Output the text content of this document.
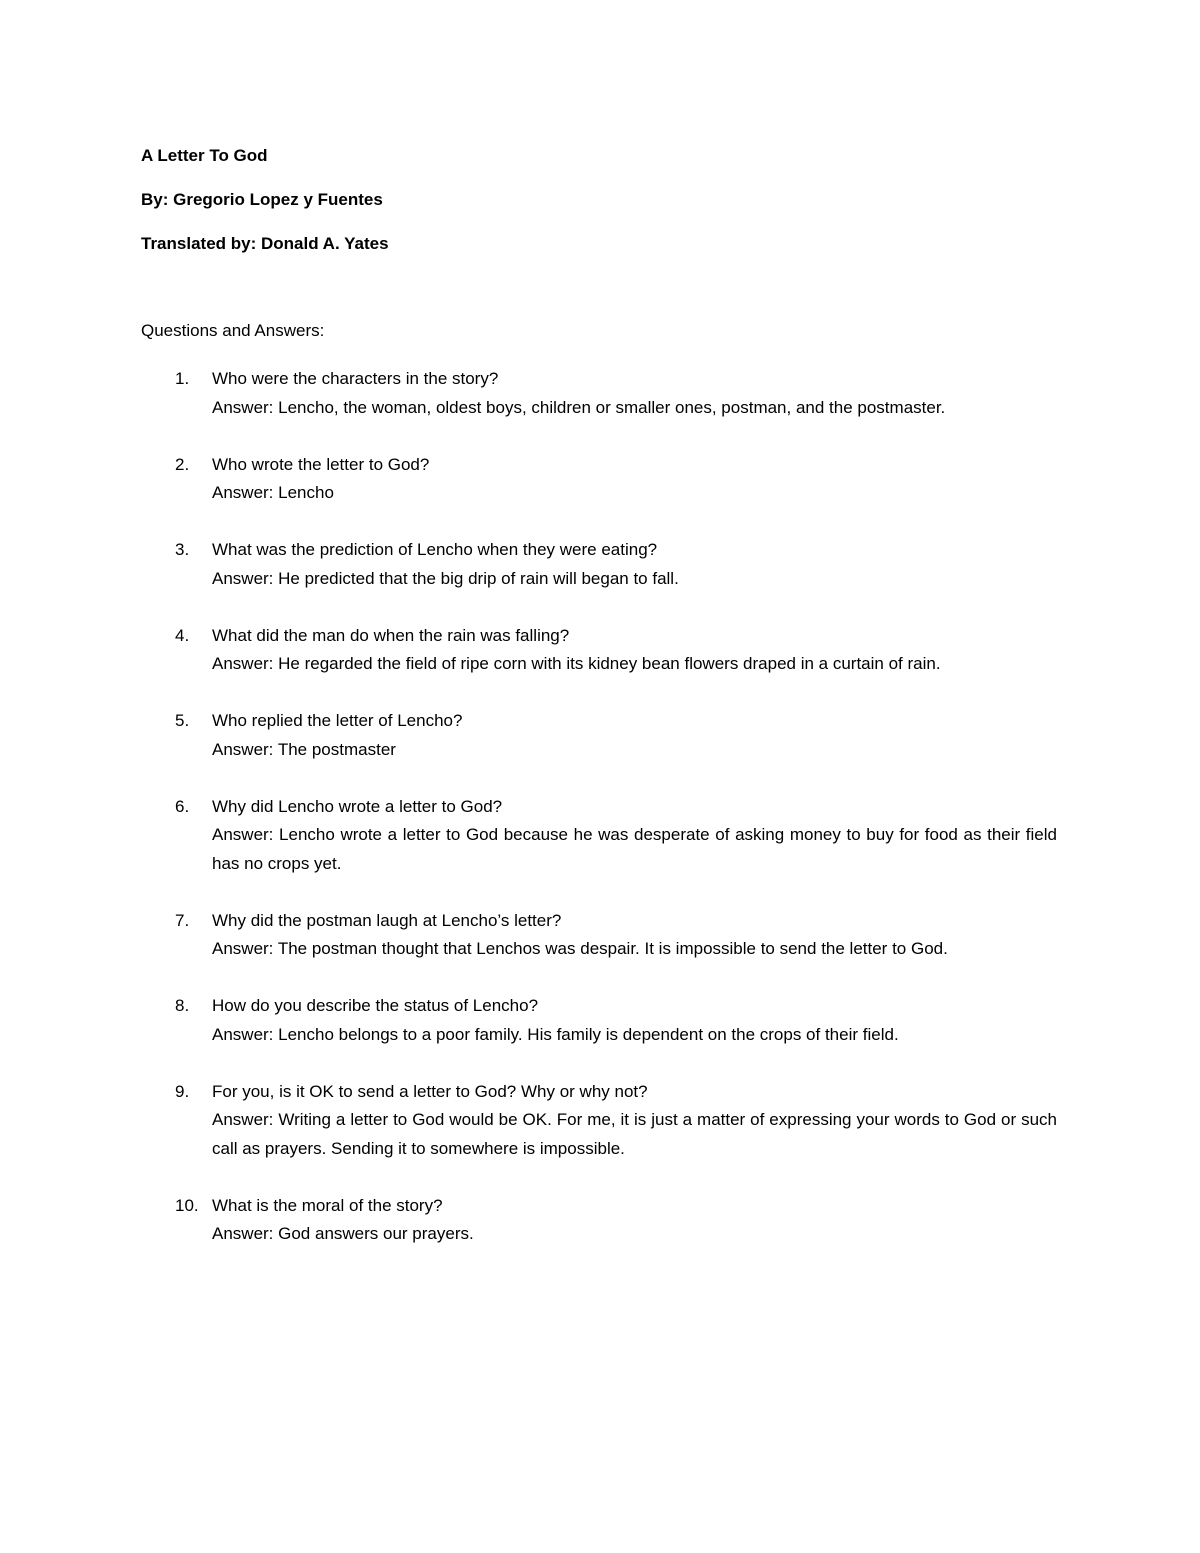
A Letter To God
By: Gregorio Lopez y Fuentes
Translated by: Donald A. Yates
Questions and Answers:
1. Who were the characters in the story?
Answer: Lencho, the woman, oldest boys, children or smaller ones, postman, and the postmaster.
2. Who wrote the letter to God?
Answer: Lencho
3. What was the prediction of Lencho when they were eating?
Answer: He predicted that the big drip of rain will began to fall.
4. What did the man do when the rain was falling?
Answer: He regarded the field of ripe corn with its kidney bean flowers draped in a curtain of rain.
5. Who replied the letter of Lencho?
Answer: The postmaster
6. Why did Lencho wrote a letter to God?
Answer: Lencho wrote a letter to God because he was desperate of asking money to buy for food as their field has no crops yet.
7. Why did the postman laugh at Lencho’s letter?
Answer: The postman thought that Lenchos was despair. It is impossible to send the letter to God.
8. How do you describe the status of Lencho?
Answer: Lencho belongs to a poor family. His family is dependent on the crops of their field.
9. For you, is it OK to send a letter to God? Why or why not?
Answer: Writing a letter to God would be OK. For me, it is just a matter of expressing your words to God or such call as prayers. Sending it to somewhere is impossible.
10. What is the moral of the story?
Answer: God answers our prayers.
